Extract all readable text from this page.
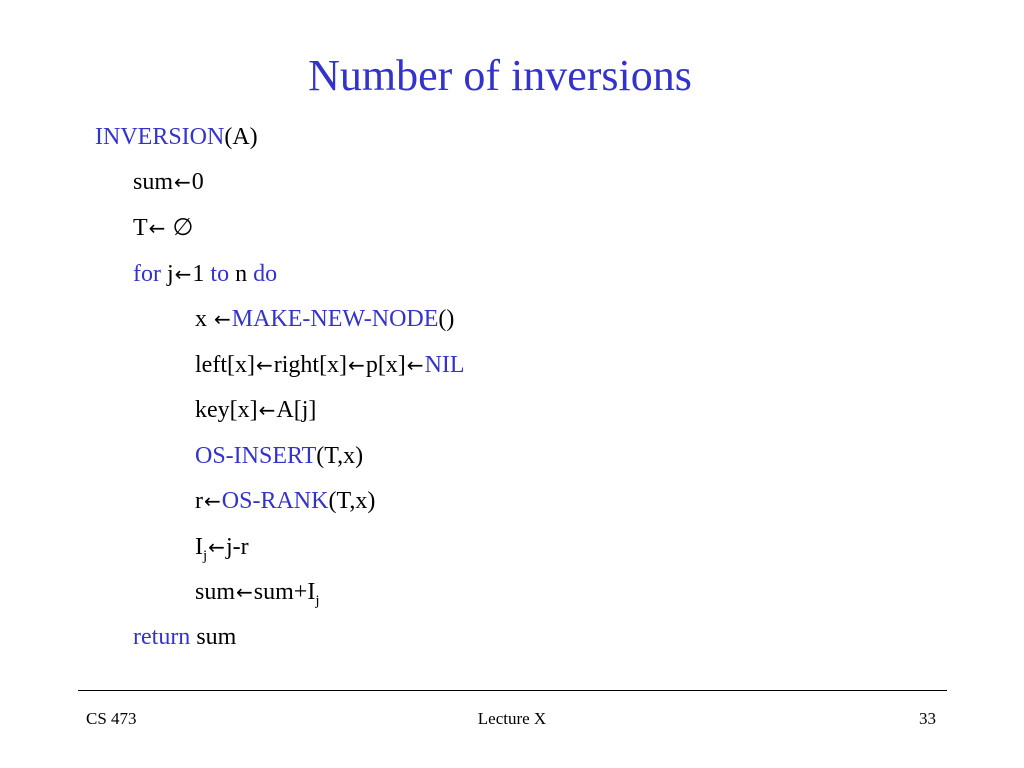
Number of inversions
INVERSION(A)
sum←0
T← ∅
for j←1 to n do
x ←MAKE-NEW-NODE()
left[x]←right[x]←p[x]←NIL
key[x]←A[j]
OS-INSERT(T,x)
r←OS-RANK(T,x)
$I_j\leftarrow j-r$
$sum\leftarrow sum+I_j$
return sum
CS 473	Lecture X	33
